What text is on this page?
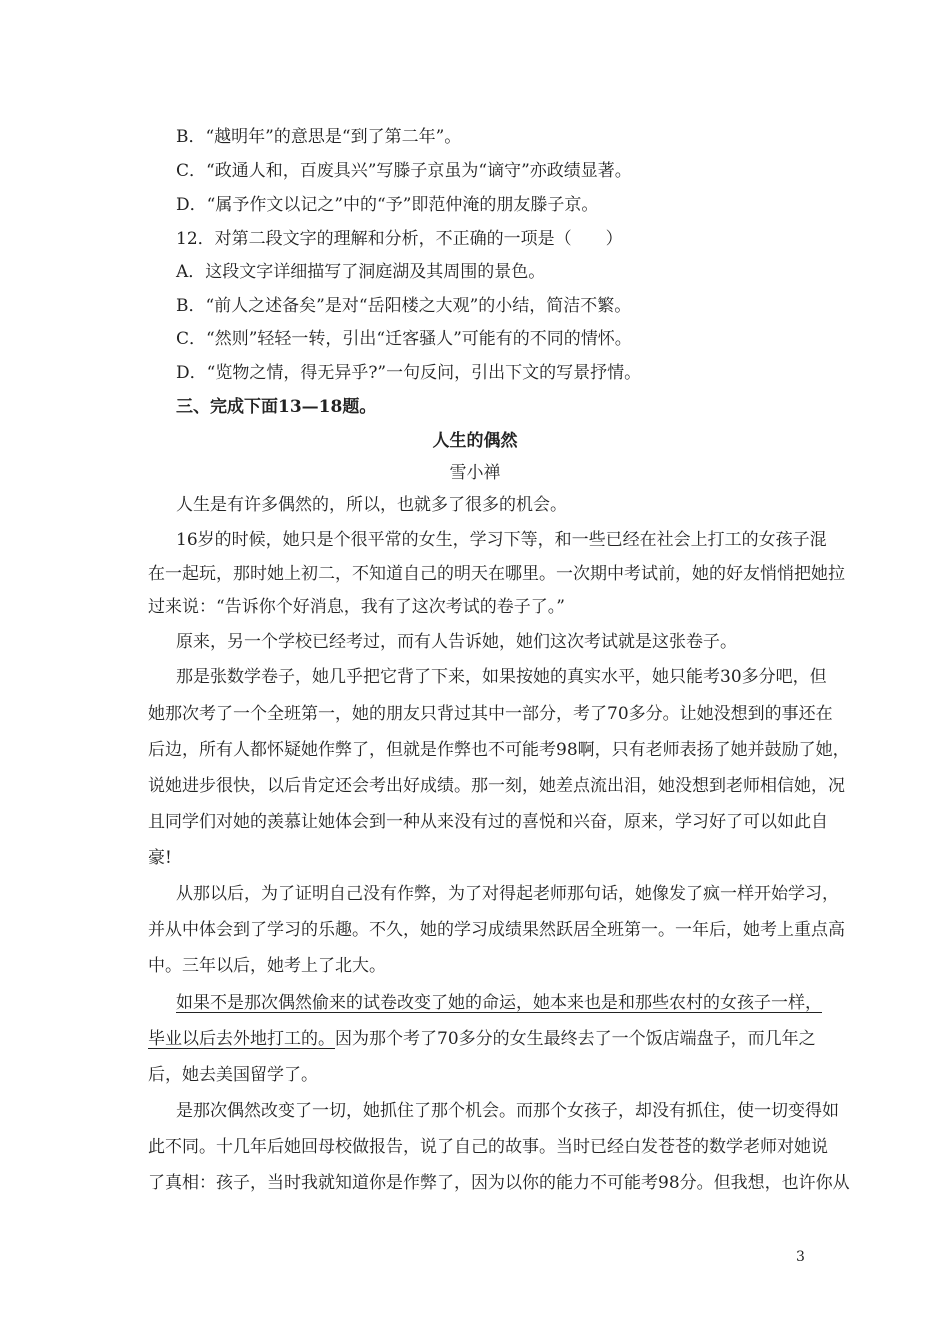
B．“越明年”的意思是“到了第二年”。
C．“政通人和，百废具兴”写滕子京虽为“谪守”亦政绩显著。
D．“属予作文以记之”中的“予”即范仲淹的朋友滕子京。
12．对第二段文字的理解和分析，不正确的一项是（　　）
A．这段文字详细描写了洞庭湖及其周围的景色。
B．“前人之述备矣”是对“岳阳楼之大观”的小结，简洁不繁。
C．“然则”轻轻一转，引出“迁客骚人”可能有的不同的情怀。
D．“览物之情，得无异乎?”一句反问，引出下文的写景抒情。
三、完成下面13—18题。
人生的偶然
雪小禅
人生是有许多偶然的，所以，也就多了很多的机会。
16岁的时候，她只是个很平常的女生，学习下等，和一些已经在社会上打工的女孩子混
在一起玩，那时她上初二，不知道自己的明天在哪里。一次期中考试前，她的好友悄悄把她拉
过来说：“告诉你个好消息，我有了这次考试的卷子了。”
原来，另一个学校已经考过，而有人告诉她，她们这次考试就是这张卷子。
那是张数学卷子，她几乎把它背了下来，如果按她的真实水平，她只能考30多分吧，但
她那次考了一个全班第一，她的朋友只背过其中一部分，考了70多分。让她没想到的事还在
后边，所有人都怀疑她作弊了，但就是作弊也不可能考98啊，只有老师表扬了她并鼓励了她，
说她进步很快，以后肯定还会考出好成绩。那一刻，她差点流出泪，她没想到老师相信她，况
且同学们对她的羡慕让她体会到一种从来没有过的喜悦和兴奋，原来，学习好了可以如此自
豪!
从那以后，为了证明自己没有作弊，为了对得起老师那句话，她像发了疯一样开始学习，
并从中体会到了学习的乐趣。不久，她的学习成绩果然跃居全班第一。一年后，她考上重点高
中。三年以后，她考上了北大。
如果不是那次偶然偷来的试卷改变了她的命运，她本来也是和那些农村的女孩子一样，
毕业以后去外地打工的。因为那个考了70多分的女生最终去了一个饭店端盘子，而几年之
后，她去美国留学了。
是那次偶然改变了一切，她抓住了那个机会。而那个女孩子，却没有抓住，使一切变得如
此不同。十几年后她回母校做报告，说了自己的故事。当时已经白发苍苍的数学老师对她说
了真相：孩子，当时我就知道你是作弊了，因为以你的能力不可能考98分。但我想，也许你从
3
